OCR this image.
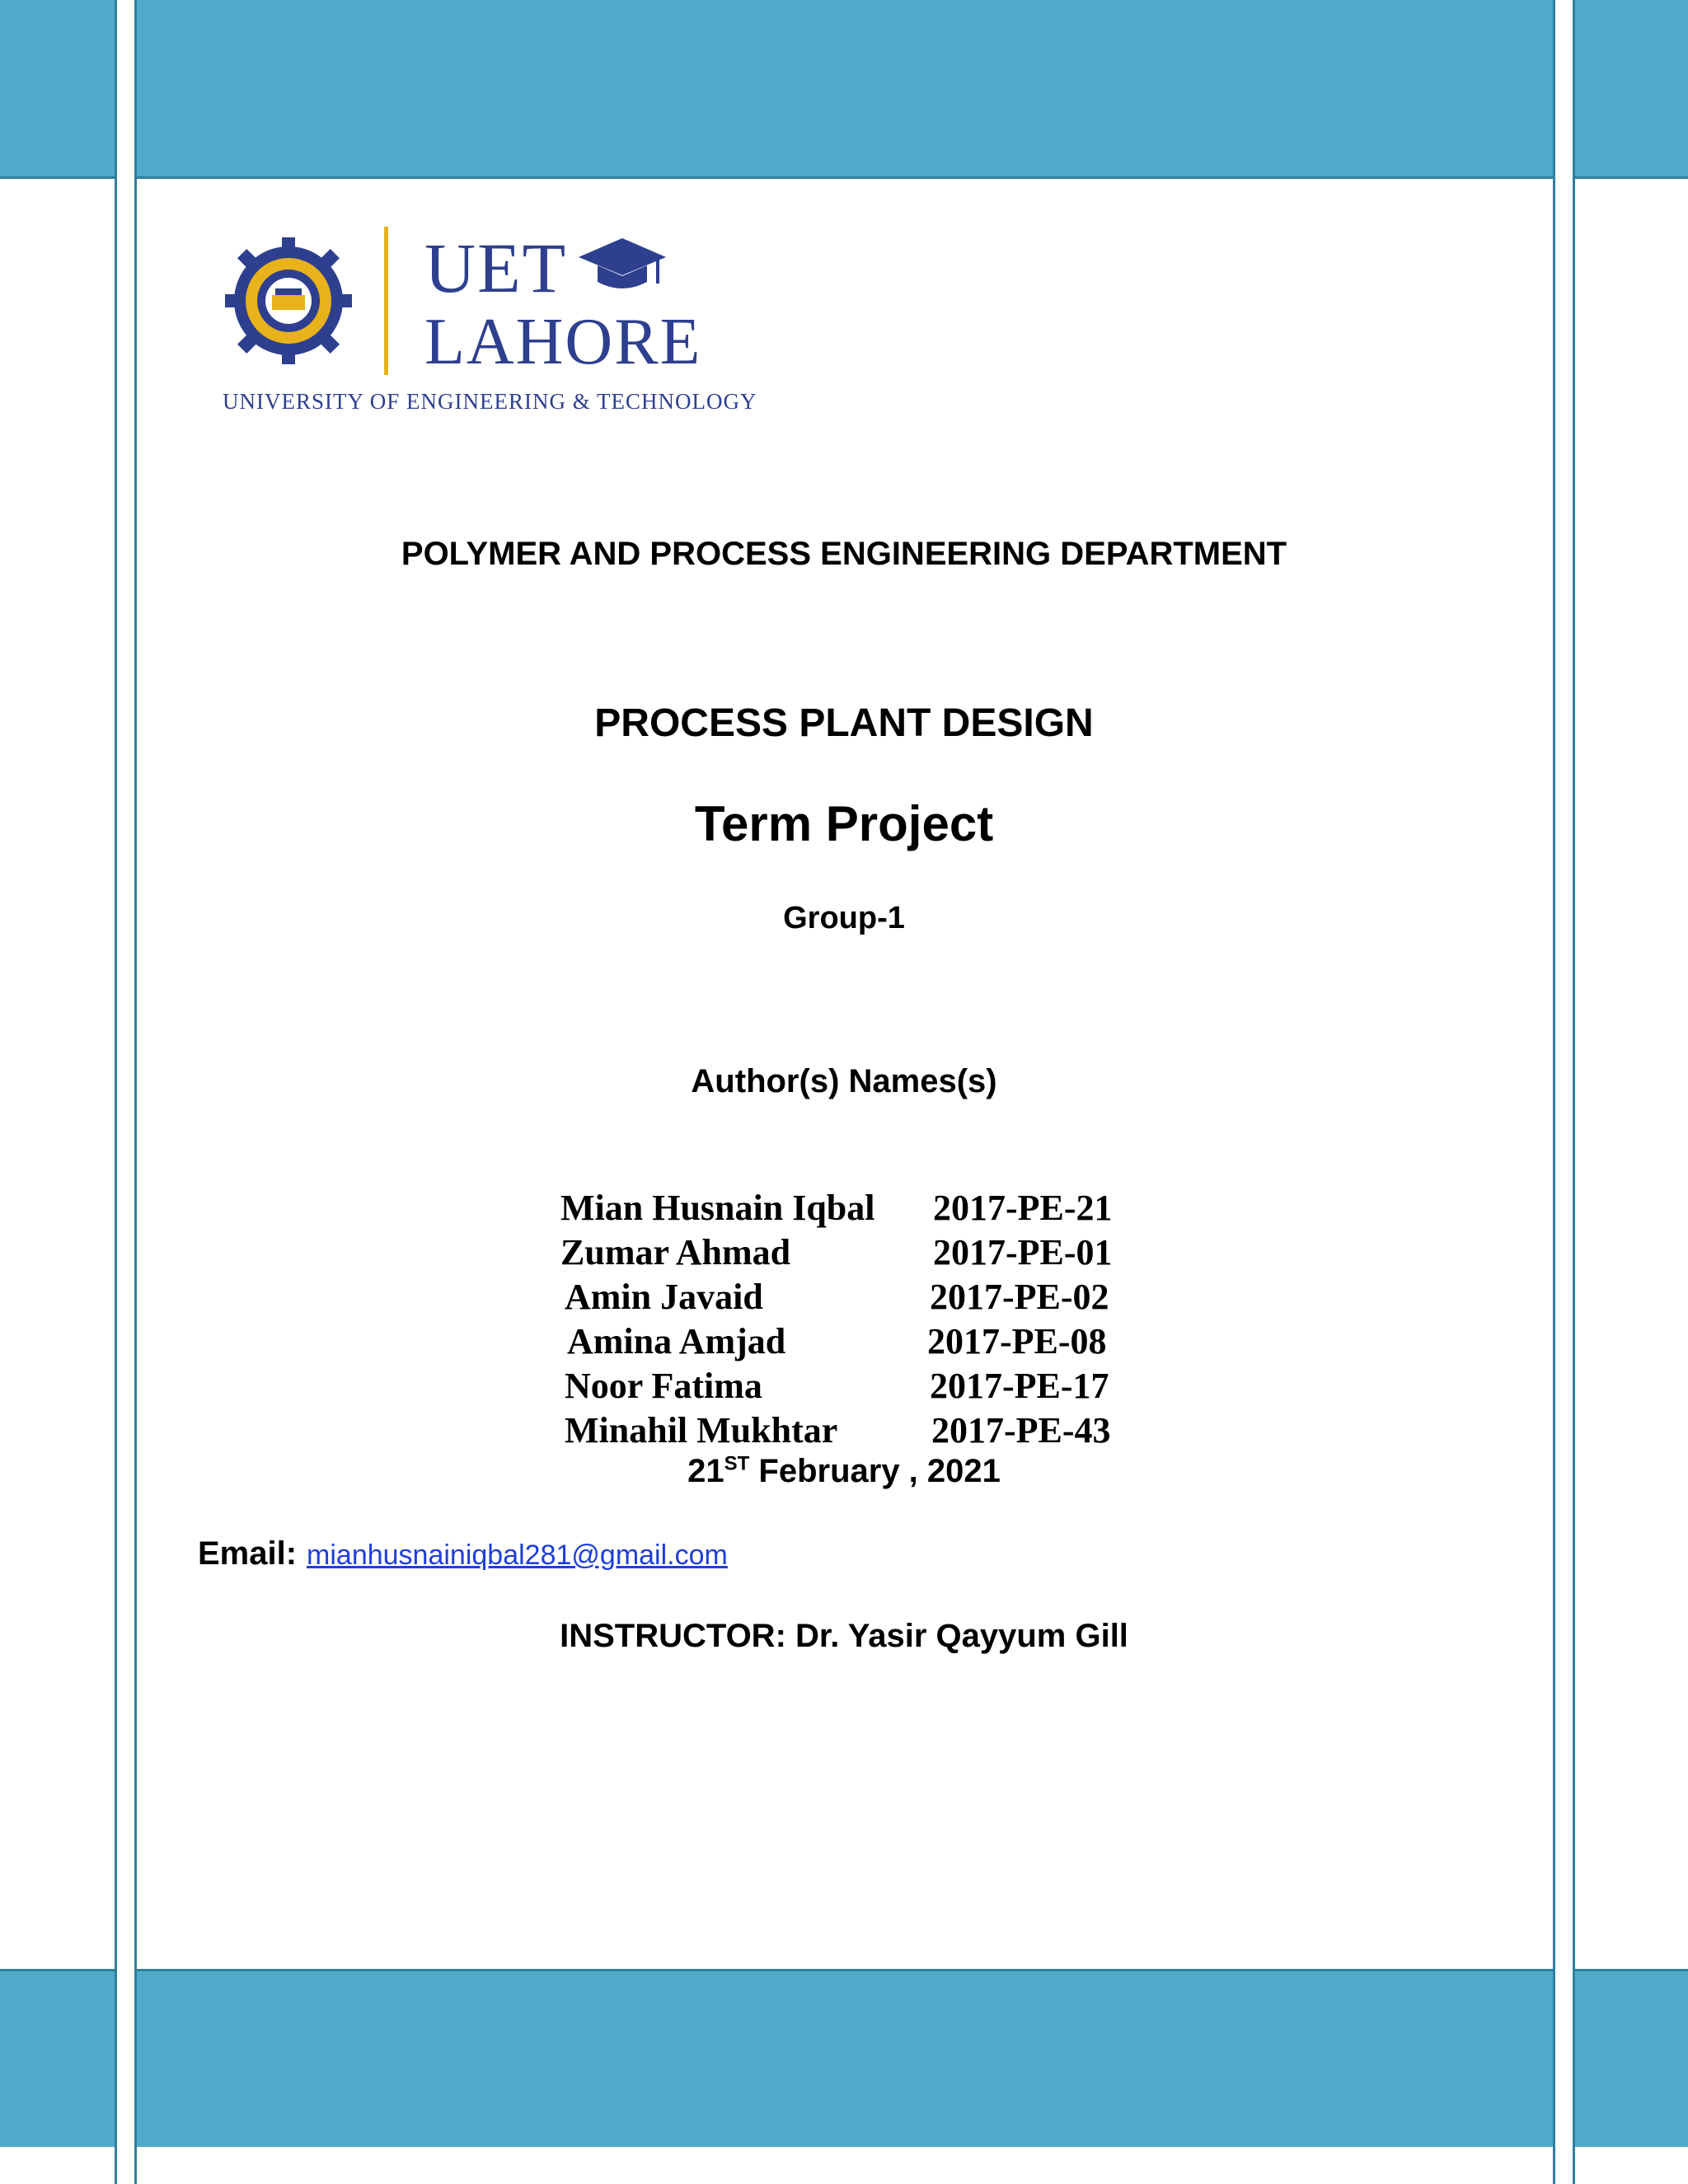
UET
LAHORE
UNIVERSITY OF ENGINEERING & TECHNOLOGY
POLYMER AND PROCESS ENGINEERING DEPARTMENT
PROCESS PLANT DESIGN
Term Project
Group-1
Author(s) Names(s)
Mian Husnain Iqbal 2017-PE-21
Zumar Ahmad	2017-PE-01
Amin Javaid	2017-PE-02
Amina Amjad	2017-PE-08
Noor Fatima	2017-PE-17
Minahil Mukhtar	2017-PE-43
21ST February , 2021
Email: mianhusnainiqbal281@gmail.com
INSTRUCTOR: Dr. Yasir Qayyum Gill
